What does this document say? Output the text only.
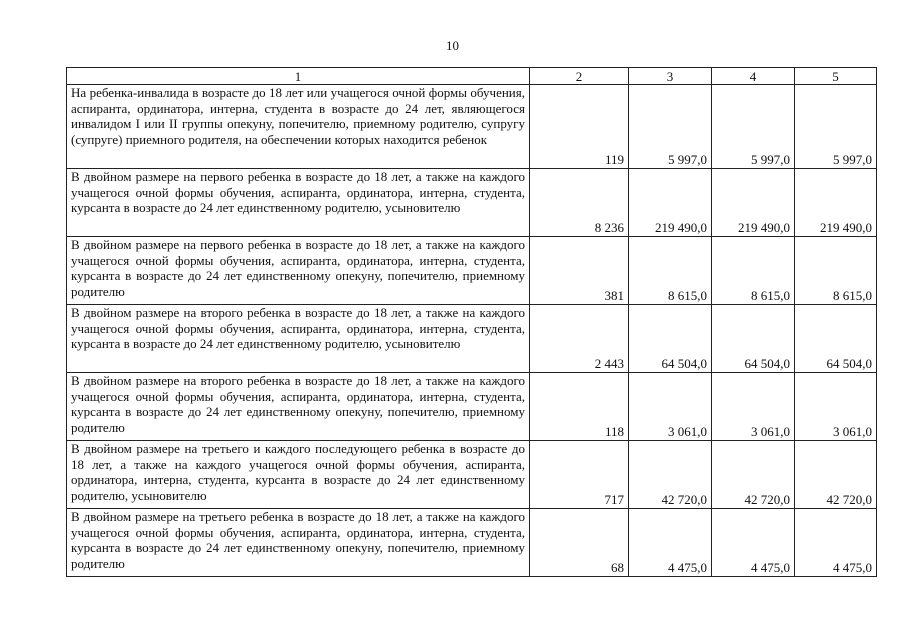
10
1	2	3	4	5
На ребенка-инвалида в возрасте до 18 лет или учащегося очной формы обучения, аспиранта, ординатора, интерна, студента в возрасте до 24 лет, являющегося инвалидом I или II группы опекуну, попечителю, приемному родителю, супругу (супруге) приемного родителя, на обеспечении которых находится ребенок	119	5 997,0	5 997,0	5 997,0
В двойном размере на первого ребенка в возрасте до 18 лет, а также на каждого учащегося очной формы обучения, аспиранта, ординатора, интерна, студента, курсанта в возрасте до 24 лет единственному родителю, усыновителю	8 236	219 490,0	219 490,0	219 490,0
В двойном размере на первого ребенка в возрасте до 18 лет, а также на каждого учащегося очной формы обучения, аспиранта, ординатора, интерна, студента, курсанта в возрасте до 24 лет единственному опекуну, попечителю, приемному родителю	381	8 615,0	8 615,0	8 615,0
В двойном размере на второго ребенка в возрасте до 18 лет, а также на каждого учащегося очной формы обучения, аспиранта, ординатора, интерна, студента, курсанта в возрасте до 24 лет единственному родителю, усыновителю	2 443	64 504,0	64 504,0	64 504,0
В двойном размере на второго ребенка в возрасте до 18 лет, а также на каждого учащегося очной формы обучения, аспиранта, ординатора, интерна, студента, курсанта в возрасте до 24 лет единственному опекуну, попечителю, приемному родителю	118	3 061,0	3 061,0	3 061,0
В двойном размере на третьего и каждого последующего ребенка в возрасте до 18 лет, а также на каждого учащегося очной формы обучения, аспиранта, ординатора, интерна, студента, курсанта в возрасте до 24 лет единственному родителю, усыновителю	717	42 720,0	42 720,0	42 720,0
В двойном размере на третьего ребенка в возрасте до 18 лет, а также на каждого учащегося очной формы обучения, аспиранта, ординатора, интерна, студента, курсанта в возрасте до 24 лет единственному опекуну, попечителю, приемному родителю	68	4 475,0	4 475,0	4 475,0
